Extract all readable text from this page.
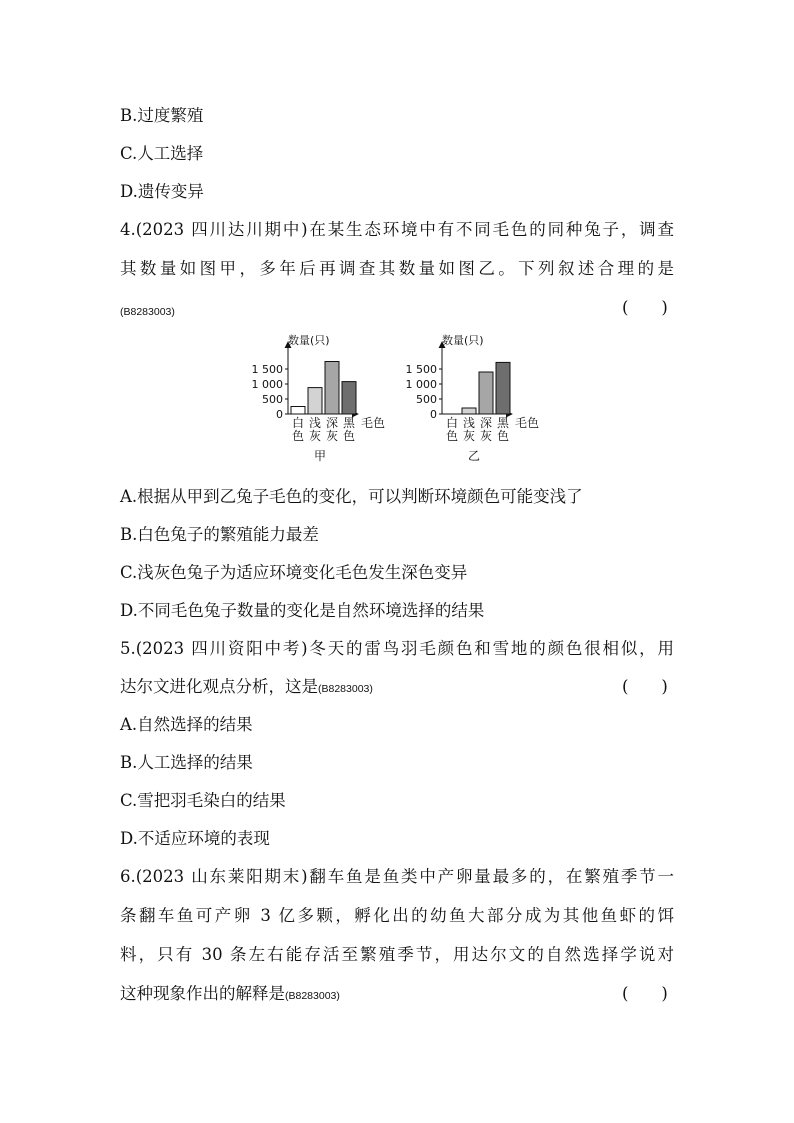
B.过度繁殖
C.人工选择
D.遗传变异
4.(2023 四川达川期中)在某生态环境中有不同毛色的同种兔子，调查
其数量如图甲，多年后再调查其数量如图乙。下列叙述合理的是
(B8283003)	(　　)
数量(只)
0
500
1 000
1 500
白
色
浅
灰
深
灰
黑
色
毛色
甲
数量(只)
0
500
1 000
1 500
白
色
浅
灰
深
灰
黑
色
毛色
乙
A.根据从甲到乙兔子毛色的变化，可以判断环境颜色可能变浅了
B.白色兔子的繁殖能力最差
C.浅灰色兔子为适应环境变化毛色发生深色变异
D.不同毛色兔子数量的变化是自然环境选择的结果
5.(2023 四川资阳中考)冬天的雷鸟羽毛颜色和雪地的颜色很相似，用
达尔文进化观点分析，这是(B8283003)	(　　)
A.自然选择的结果
B.人工选择的结果
C.雪把羽毛染白的结果
D.不适应环境的表现
6.(2023 山东莱阳期末)翻车鱼是鱼类中产卵量最多的，在繁殖季节一
条翻车鱼可产卵 3 亿多颗，孵化出的幼鱼大部分成为其他鱼虾的饵
料，只有 30 条左右能存活至繁殖季节，用达尔文的自然选择学说对
这种现象作出的解释是(B8283003)	(　　)
